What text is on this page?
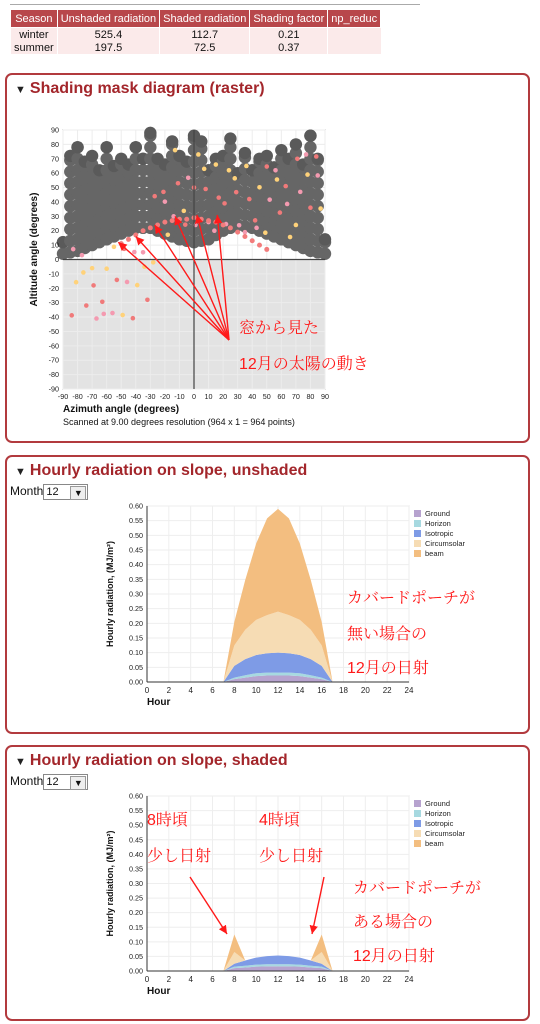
Season	Unshaded radiation	Shaded radiation	Shading factor	np_reduc
winter	525.4	112.7	0.21	
summer	197.5	72.5	0.37	
▼ Shading mask diagram (raster)
90
80
70
60
50
40
30
20
10
0
-10
-20
-30
-40
-50
-60
-70
-80
-90
-90 -80 -70 -60 -50 -40 -30 -20 -10 0 10 20 30 40 50 60 70 80 90
Azimuth angle (degrees)
Altitude angle (degrees)
Scanned at 9.00 degrees resolution (964 x 1 = 964 points)
窓から見た
12月の太陽の動き
▼ Hourly radiation on slope, unshaded
Month 12	▼
0.00
0.05
0.10
0.15
0.20
0.25
0.30
0.35
0.40
0.45
0.50
0.55
0.60
0 2 4 6 8 10 12 14 16 18 20 22 24
Hour
Hourly radiation, (MJ/m²)
Ground
Horizon
Isotropic
Circumsolar
beam
カバードポーチが
無い場合の
12月の日射
▼ Hourly radiation on slope, shaded
Month 12	▼
0.00
0.05
0.10
0.15
0.20
0.25
0.30
0.35
0.40
0.45
0.50
0.55
0.60
0 2 4 6 8 10 12 14 16 18 20 22 24
Hour
Hourly radiation, (MJ/m²)
Ground
Horizon
Isotropic
Circumsolar
beam
8時頃
少し日射
4時頃
少し日射
カバードポーチが
ある場合の
12月の日射
